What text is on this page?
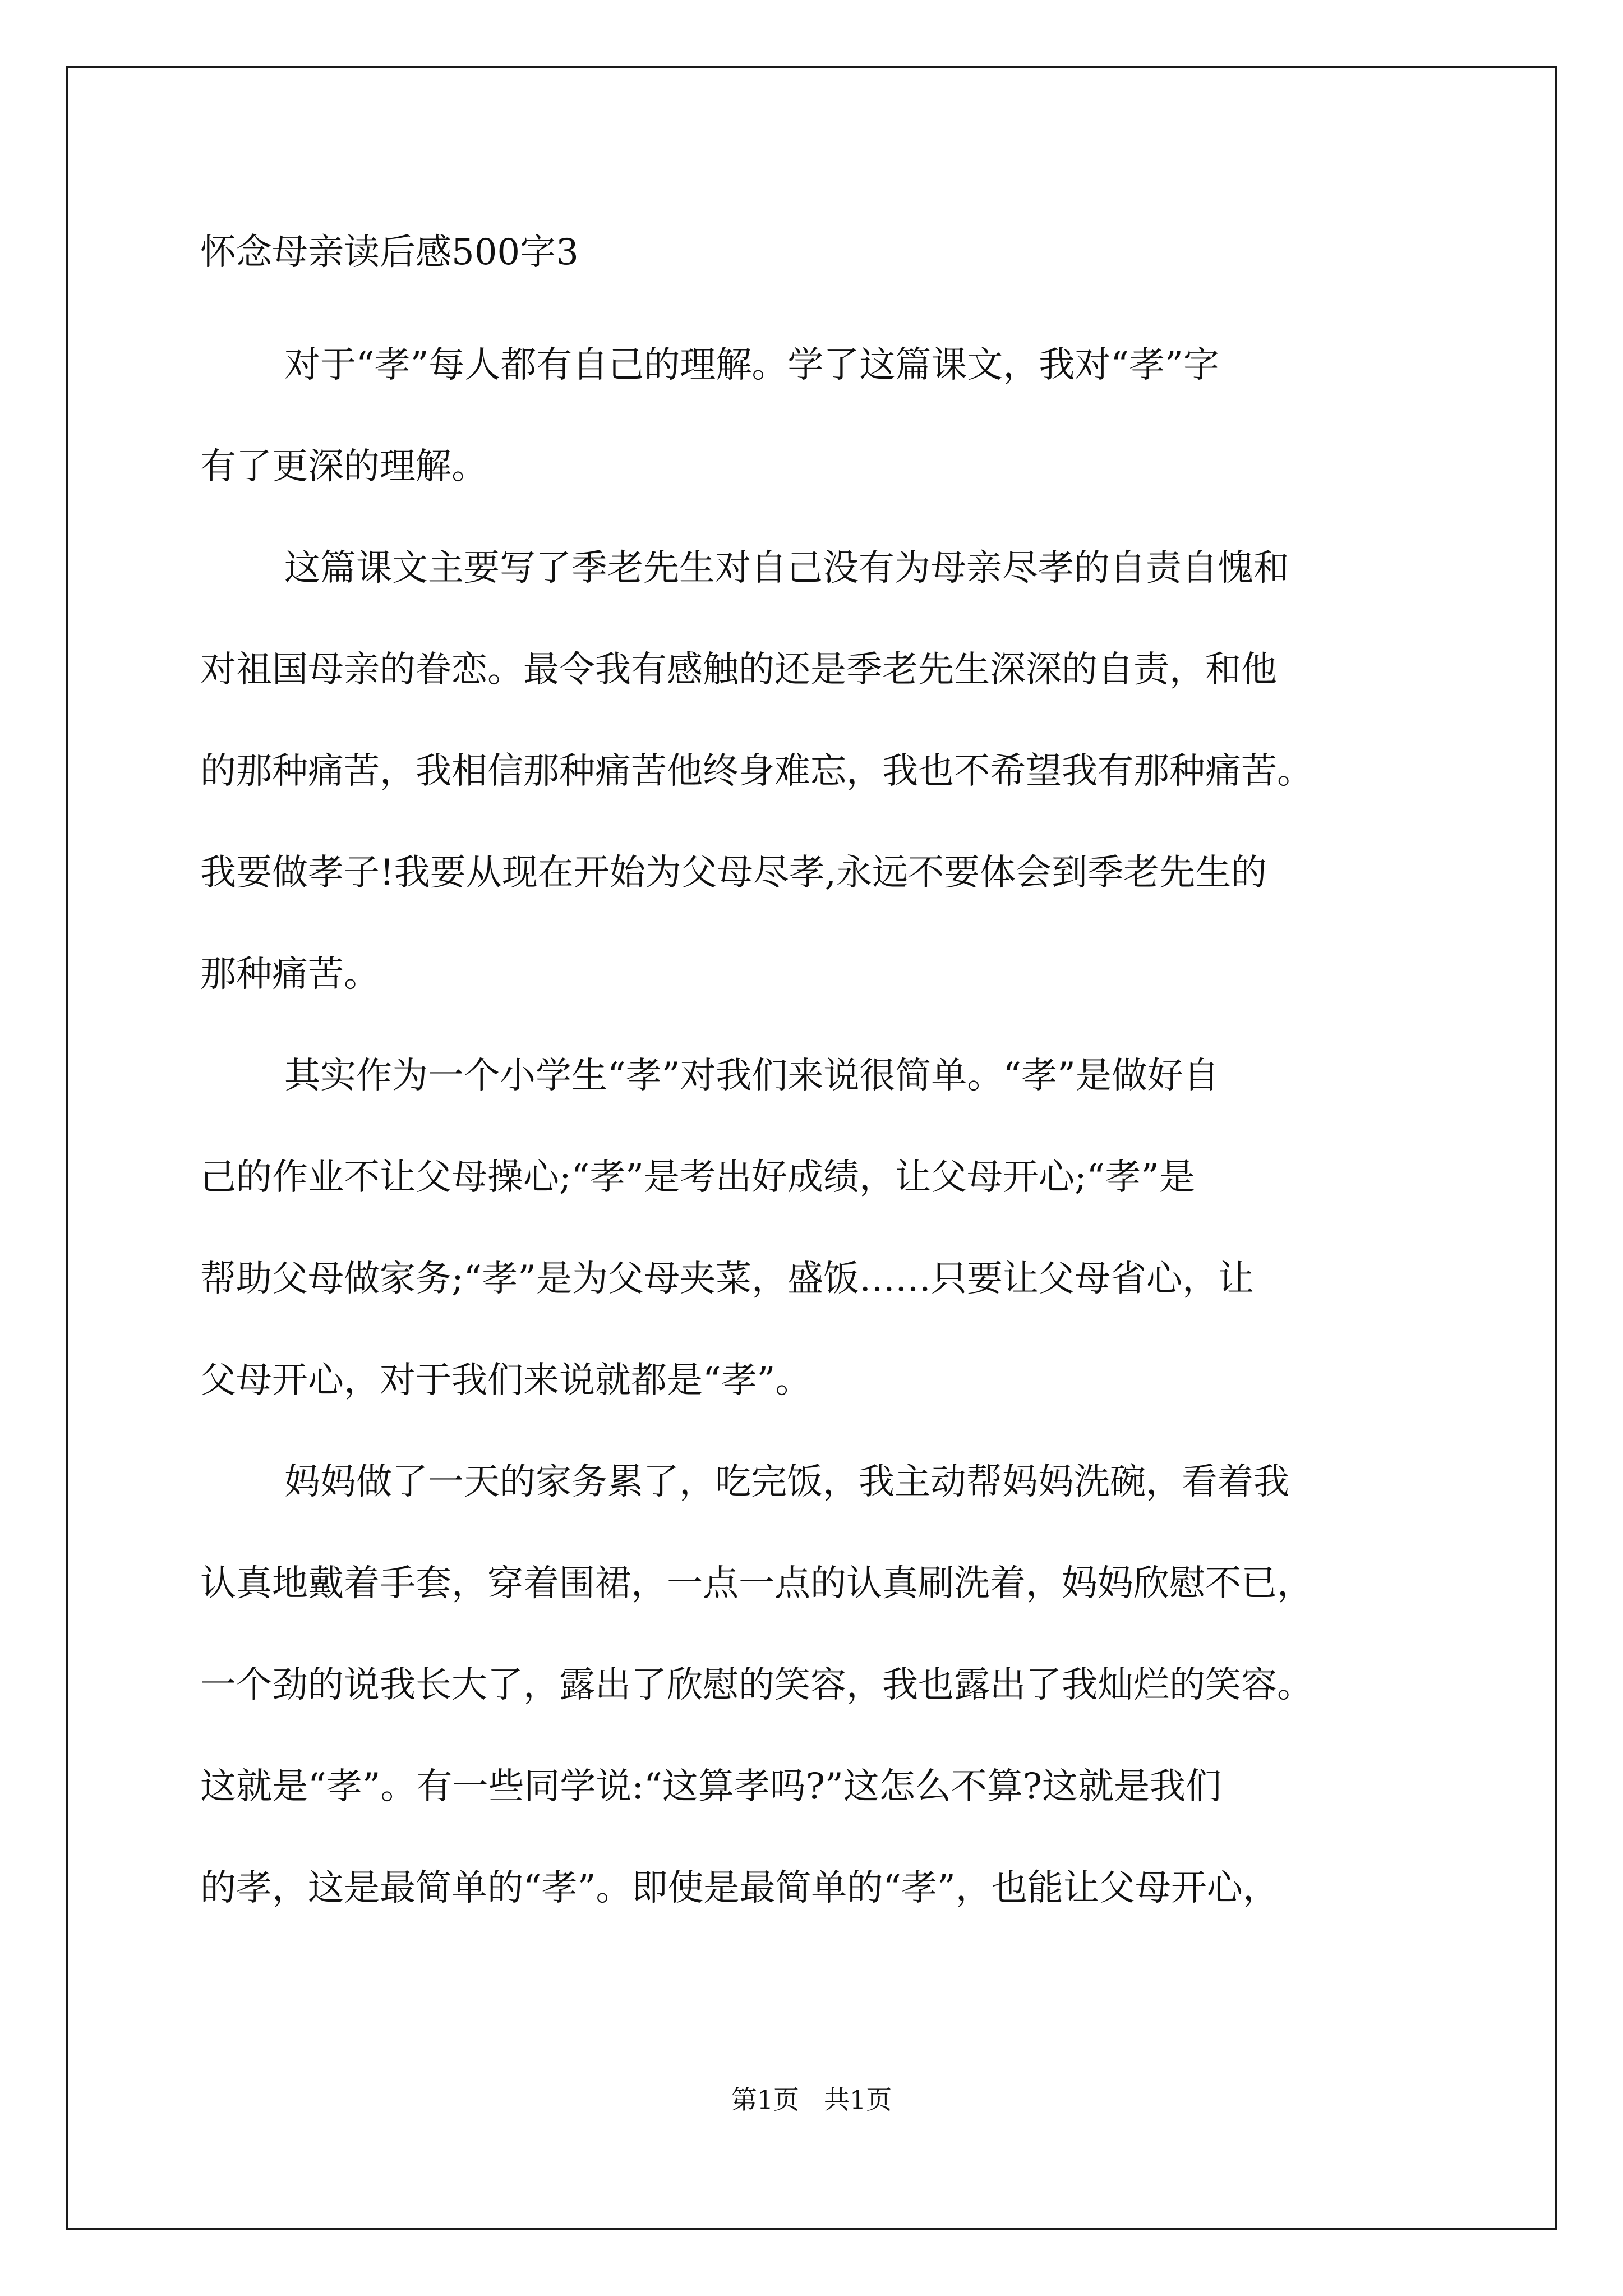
怀念母亲读后感500字3
对于“孝”每人都有自己的理解。学了这篇课文，我对“孝”字
有了更深的理解。
这篇课文主要写了季老先生对自己没有为母亲尽孝的自责自愧和
对祖国母亲的眷恋。最令我有感触的还是季老先生深深的自责，和他
的那种痛苦，我相信那种痛苦他终身难忘，我也不希望我有那种痛苦。
我要做孝子!我要从现在开始为父母尽孝,永远不要体会到季老先生的
那种痛苦。
其实作为一个小学生“孝”对我们来说很简单。“孝”是做好自
己的作业不让父母操心;“孝”是考出好成绩，让父母开心;“孝”是
帮助父母做家务;“孝”是为父母夹菜，盛饭……只要让父母省心，让
父母开心，对于我们来说就都是“孝”。
妈妈做了一天的家务累了，吃完饭，我主动帮妈妈洗碗，看着我
认真地戴着手套，穿着围裙，一点一点的认真刷洗着，妈妈欣慰不已，
一个劲的说我长大了，露出了欣慰的笑容，我也露出了我灿烂的笑容。
这就是“孝”。有一些同学说:“这算孝吗?”这怎么不算?这就是我们
的孝，这是最简单的“孝”。即使是最简单的“孝”，也能让父母开心，
第1页 共1页
